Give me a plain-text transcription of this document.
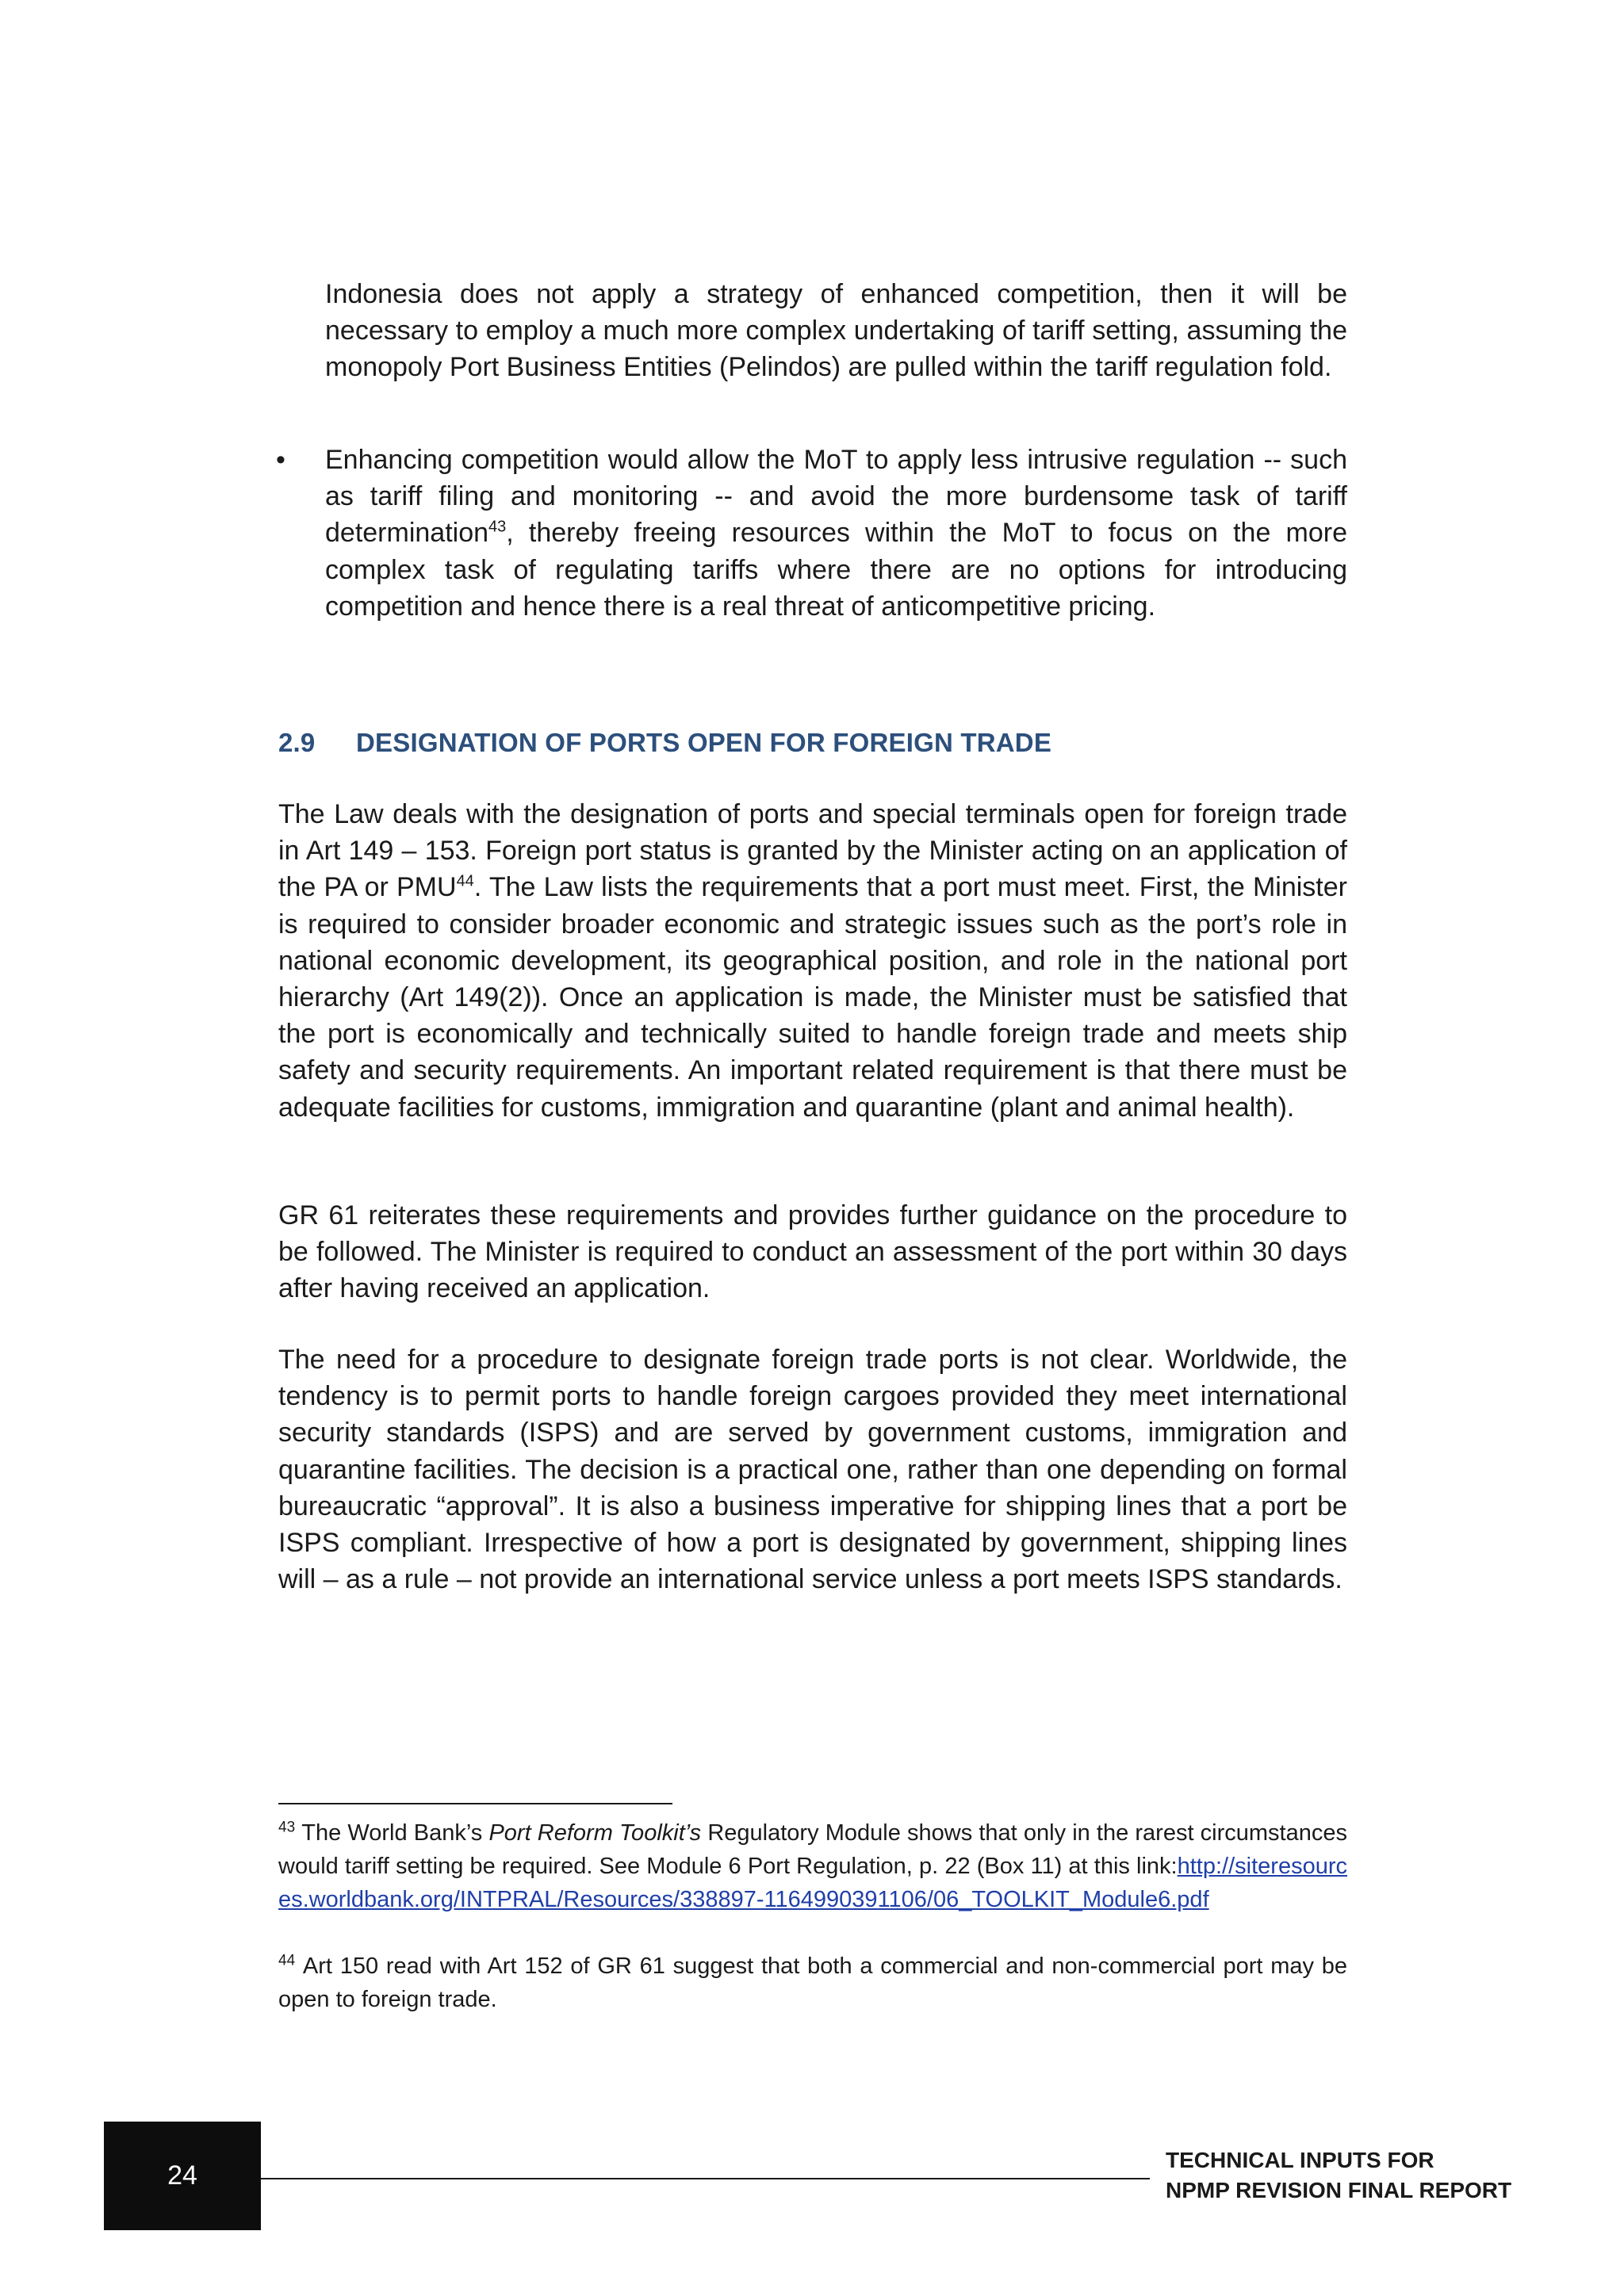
Indonesia does not apply a strategy of enhanced competition, then it will be necessary to employ a much more complex undertaking of tariff setting, assuming the monopoly Port Business Entities (Pelindos) are pulled within the tariff regulation fold.

• Enhancing competition would allow the MoT to apply less intrusive regulation -- such as tariff filing and monitoring -- and avoid the more burdensome task of tariff determination$^{43}$, thereby freeing resources within the MoT to focus on the more complex task of regulating tariffs where there are no options for introducing competition and hence there is a real threat of anticompetitive pricing.

2.9 DESIGNATION OF PORTS OPEN FOR FOREIGN TRADE

The Law deals with the designation of ports and special terminals open for foreign trade in Art 149 – 153. Foreign port status is granted by the Minister acting on an application of the PA or PMU$^{44}$. The Law lists the requirements that a port must meet. First, the Minister is required to consider broader economic and strategic issues such as the port’s role in national economic development, its geographical position, and role in the national port hierarchy (Art 149(2)). Once an application is made, the Minister must be satisfied that the port is economically and technically suited to handle foreign trade and meets ship safety and security requirements. An important related requirement is that there must be adequate facilities for customs, immigration and quarantine (plant and animal health).

GR 61 reiterates these requirements and provides further guidance on the procedure to be followed. The Minister is required to conduct an assessment of the port within 30 days after having received an application.

The need for a procedure to designate foreign trade ports is not clear. Worldwide, the tendency is to permit ports to handle foreign cargoes provided they meet international security standards (ISPS) and are served by government customs, immigration and quarantine facilities. The decision is a practical one, rather than one depending on formal bureaucratic “approval”. It is also a business imperative for shipping lines that a port be ISPS compliant. Irrespective of how a port is designated by government, shipping lines will – as a rule – not provide an international service unless a port meets ISPS standards.

$^{43}$ The World Bank’s Port Reform Toolkit’s Regulatory Module shows that only in the rarest circumstances would tariff setting be required. See Module 6 Port Regulation, p. 22 (Box 11) at this link:http://siteresources.worldbank.org/INTPRAL/Resources/338897-1164990391106/06_TOOLKIT_Module6.pdf
$^{44}$ Art 150 read with Art 152 of GR 61 suggest that both a commercial and non-commercial port may be open to foreign trade.
24
TECHNICAL INPUTS FOR
NPMP REVISION FINAL REPORT
